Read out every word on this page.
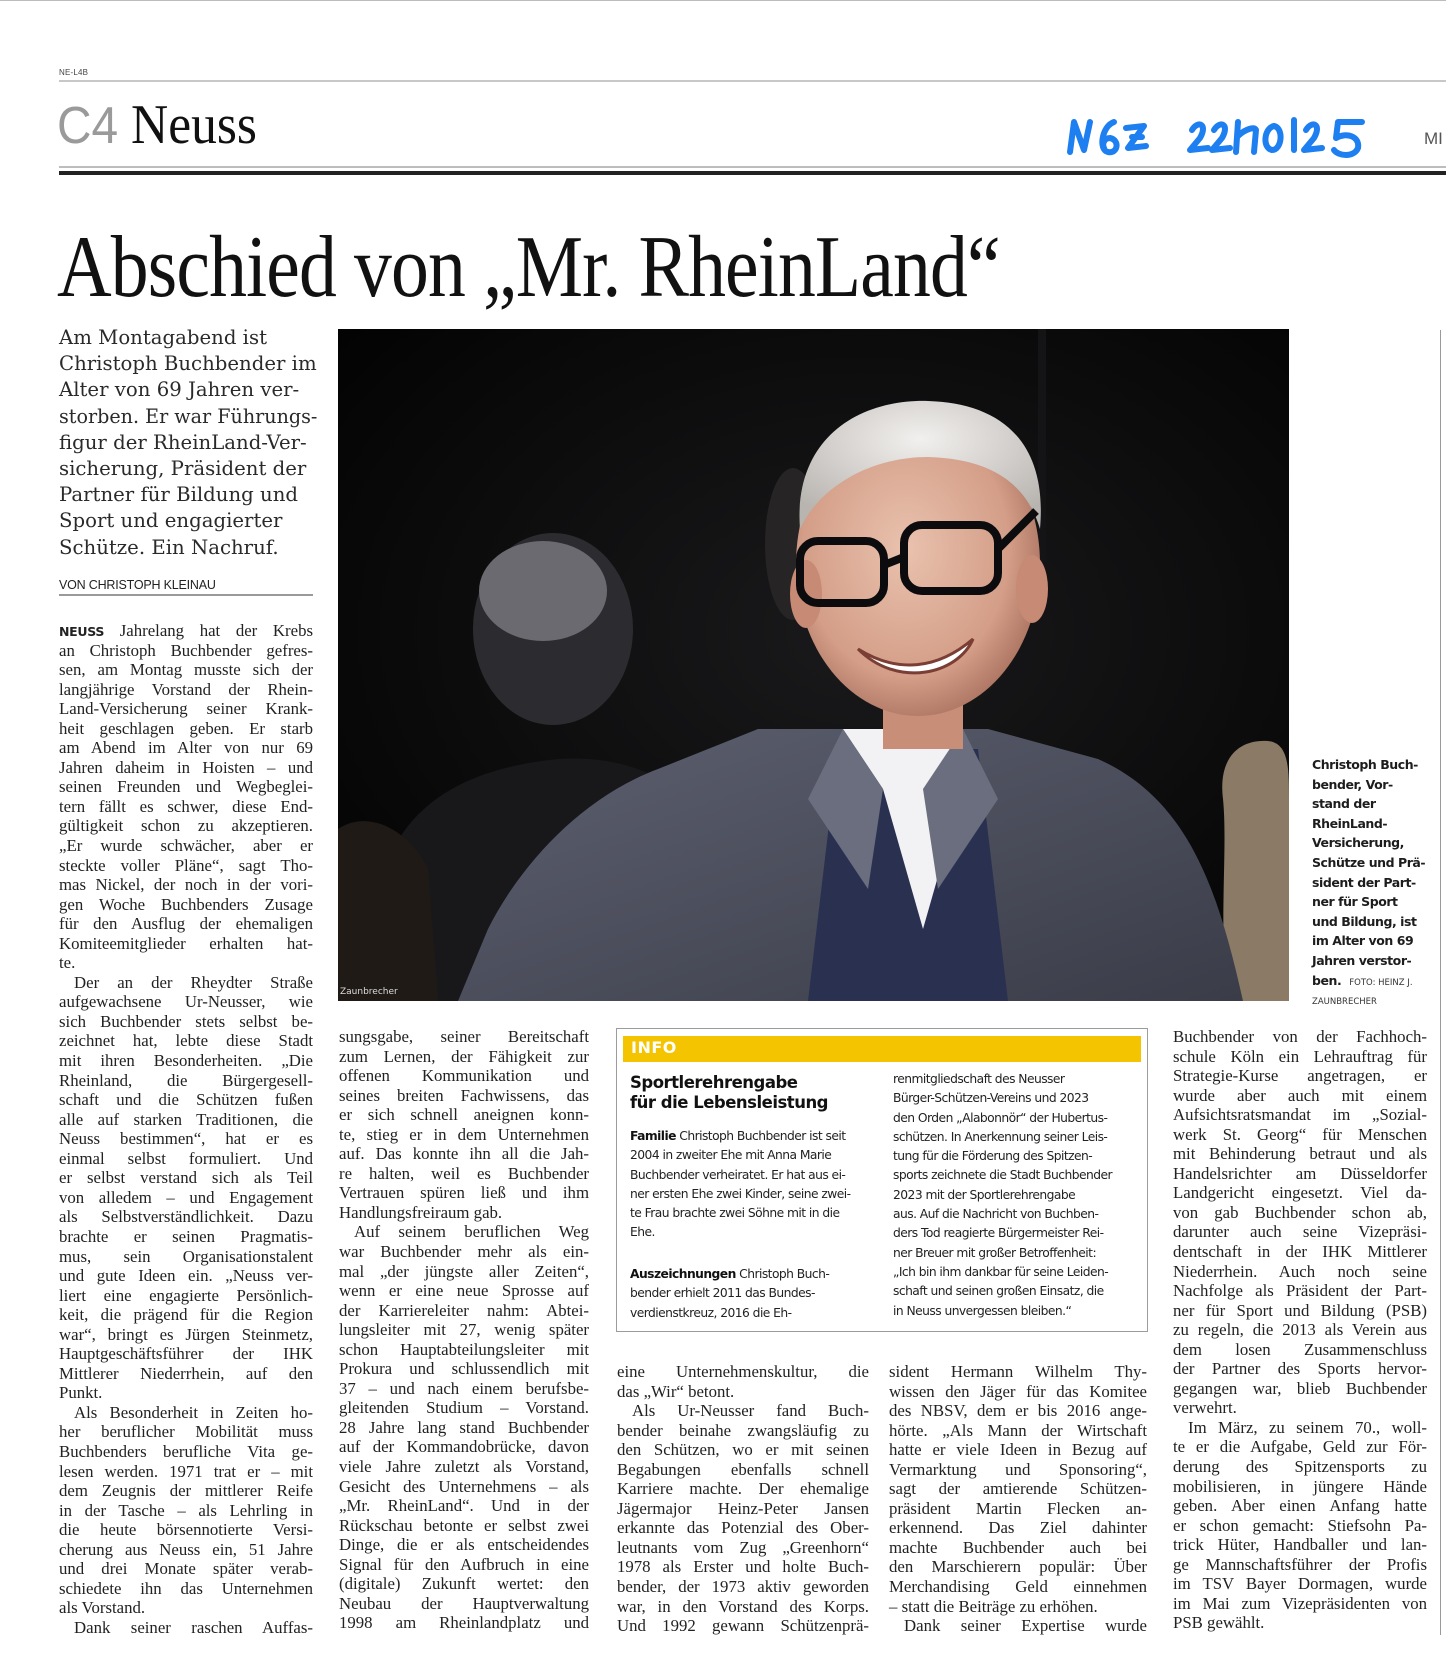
NE-L4B
C4 Neuss	MI
Abschied von „Mr. RheinLand“
Am Montagabend ist
Christoph Buchbender im
Alter von 69 Jahren ver-
storben. Er war Führungs-
figur der RheinLand-Ver-
sicherung, Präsident der
Partner für Bildung und
Sport und engagierter
Schütze. Ein Nachruf.
VON CHRISTOPH KLEINAU
NEUSS Jahrelang hat der Krebs
an Christoph Buchbender gefres-
sen, am Montag musste sich der
langjährige Vorstand der Rhein-
Land-Versicherung seiner Krank-
heit geschlagen geben. Er starb
am Abend im Alter von nur 69
Jahren daheim in Hoisten – und
seinen Freunden und Wegbeglei-
tern fällt es schwer, diese End-
gültigkeit schon zu akzeptieren.
„Er wurde schwächer, aber er
steckte voller Pläne“, sagt Tho-
mas Nickel, der noch in der vori-
gen Woche Buchbenders Zusage
für den Ausflug der ehemaligen
Komiteemitglieder erhalten hat-
te.
Der an der Rheydter Straße
aufgewachsene Ur-Neusser, wie
sich Buchbender stets selbst be-
zeichnet hat, lebte diese Stadt
mit ihren Besonderheiten. „Die
Rheinland, die Bürgergesell-
schaft und die Schützen fußen
alle auf starken Traditionen, die
Neuss bestimmen“, hat er es
einmal selbst formuliert. Und
er selbst verstand sich als Teil
von alledem – und Engagement
als Selbstverständlichkeit. Dazu
brachte er seinen Pragmatis-
mus, sein Organisationstalent
und gute Ideen ein. „Neuss ver-
liert eine engagierte Persönlich-
keit, die prägend für die Region
war“, bringt es Jürgen Steinmetz,
Hauptgeschäftsführer der IHK
Mittlerer Niederrhein, auf den
Punkt.
Als Besonderheit in Zeiten ho-
her beruflicher Mobilität muss
Buchbenders berufliche Vita ge-
lesen werden. 1971 trat er – mit
dem Zeugnis der mittlerer Reife
in der Tasche – als Lehrling in
die heute börsennotierte Versi-
cherung aus Neuss ein, 51 Jahre
und drei Monate später verab-
schiedete ihn das Unternehmen
als Vorstand.
Dank seiner raschen Auffas-
sungsgabe, seiner Bereitschaft
zum Lernen, der Fähigkeit zur
offenen Kommunikation und
seines breiten Fachwissens, das
er sich schnell aneignen konn-
te, stieg er in dem Unternehmen
auf. Das konnte ihn all die Jah-
re halten, weil es Buchbender
Vertrauen spüren ließ und ihm
Handlungsfreiraum gab.
Auf seinem beruflichen Weg
war Buchbender mehr als ein-
mal „der jüngste aller Zeiten“,
wenn er eine neue Sprosse auf
der Karriereleiter nahm: Abtei-
lungsleiter mit 27, wenig später
schon Hauptabteilungsleiter mit
Prokura und schlussendlich mit
37 – und nach einem berufsbe-
gleitenden Studium – Vorstand.
28 Jahre lang stand Buchbender
auf der Kommandobrücke, davon
viele Jahre zuletzt als Vorstand,
Gesicht des Unternehmens – als
„Mr. RheinLand“. Und in der
Rückschau betonte er selbst zwei
Dinge, die er als entscheidendes
Signal für den Aufbruch in eine
(digitale) Zukunft wertet: den
Neubau der Hauptverwaltung
1998 am Rheinlandplatz und
eine Unternehmenskultur, die
das „Wir“ betont.
Als Ur-Neusser fand Buch-
bender beinahe zwangsläufig zu
den Schützen, wo er mit seinen
Begabungen ebenfalls schnell
Karriere machte. Der ehemalige
Jägermajor Heinz-Peter Jansen
erkannte das Potenzial des Ober-
leutnants vom Zug „Greenhorn“
1978 als Erster und holte Buch-
bender, der 1973 aktiv geworden
war, in den Vorstand des Korps.
Und 1992 gewann Schützenprä-
sident Hermann Wilhelm Thy-
wissen den Jäger für das Komitee
des NBSV, dem er bis 2016 ange-
hörte. „Als Mann der Wirtschaft
hatte er viele Ideen in Bezug auf
Vermarktung und Sponsoring“,
sagt der amtierende Schützen-
präsident Martin Flecken an-
erkennend. Das Ziel dahinter
machte Buchbender auch bei
den Marschierern populär: Über
Merchandising Geld einnehmen
– statt die Beiträge zu erhöhen.
Dank seiner Expertise wurde
Buchbender von der Fachhoch-
schule Köln ein Lehrauftrag für
Strategie-Kurse angetragen, er
wurde aber auch mit einem
Aufsichtsratsmandat im „Sozial-
werk St. Georg“ für Menschen
mit Behinderung betraut und als
Handelsrichter am Düsseldorfer
Landgericht eingesetzt. Viel da-
von gab Buchbender schon ab,
darunter auch seine Vizepräsi-
dentschaft in der IHK Mittlerer
Niederrhein. Auch noch seine
Nachfolge als Präsident der Part-
ner für Sport und Bildung (PSB)
zu regeln, die 2013 als Verein aus
dem losen Zusammenschluss
der Partner des Sports hervor-
gegangen war, blieb Buchbender
verwehrt.
Im März, zu seinem 70., woll-
te er die Aufgabe, Geld zur För-
derung des Spitzensports zu
mobilisieren, in jüngere Hände
geben. Aber einen Anfang hatte
er schon gemacht: Stiefsohn Pa-
trick Hüter, Handballer und lan-
ge Mannschaftsführer der Profis
im TSV Bayer Dormagen, wurde
im Mai zum Vizepräsidenten von
PSB gewählt.
Zaunbrecher
Christoph Buch-
bender, Vor-
stand der
RheinLand-
Versicherung,
Schütze und Prä-
sident der Part-
ner für Sport
und Bildung, ist
im Alter von 69
Jahren verstor-
ben. FOTO: HEINZ J.
ZAUNBRECHER
INFO
Sportlerehrengabe
für die Lebensleistung
Familie Christoph Buchbender ist seit
2004 in zweiter Ehe mit Anna Marie
Buchbender verheiratet. Er hat aus ei-
ner ersten Ehe zwei Kinder, seine zwei-
te Frau brachte zwei Söhne mit in die
Ehe.
Auszeichnungen Christoph Buch-
bender erhielt 2011 das Bundes-
verdienstkreuz, 2016 die Eh-
renmitgliedschaft des Neusser
Bürger-Schützen-Vereins und 2023
den Orden „Alabonnör“ der Hubertus-
schützen. In Anerkennung seiner Leis-
tung für die Förderung des Spitzen-
sports zeichnete die Stadt Buchbender
2023 mit der Sportlerehrengabe
aus. Auf die Nachricht von Buchben-
ders Tod reagierte Bürgermeister Rei-
ner Breuer mit großer Betroffenheit:
„Ich bin ihm dankbar für seine Leiden-
schaft und seinen großen Einsatz, die
in Neuss unvergessen bleiben.“
